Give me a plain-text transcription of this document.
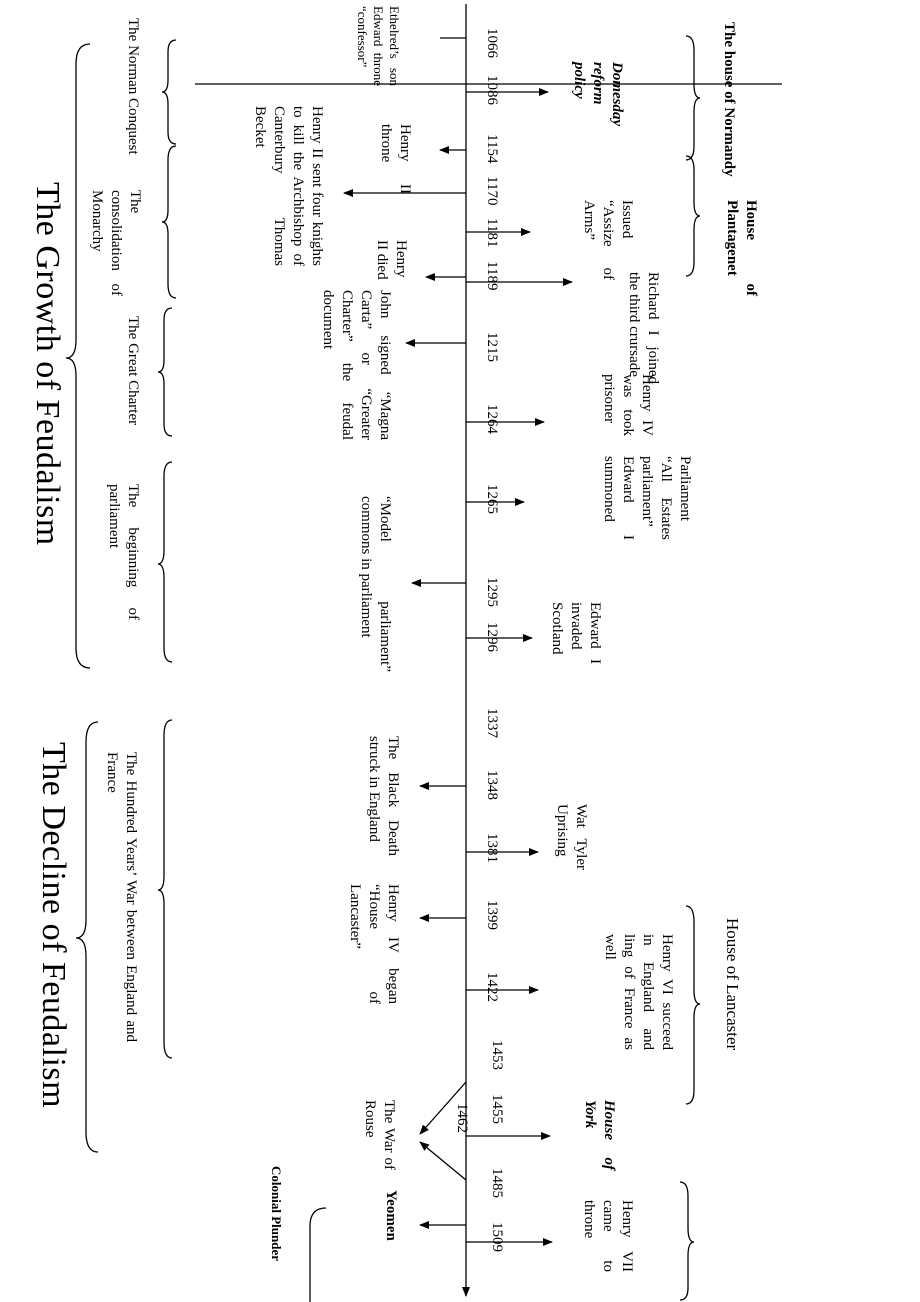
The Growth of Feudalism
The Decline of Feudalism
1066
1086
1154
1170
1181
1189
1215
1264
1265
1295
1296
1337
1348
1381
1399
1422
1453
1455
1485
1509
1462
The house of Normandy
House of Plantagenet
House of Lancaster
House of York
Yeomen
Colonial Plunder
Domesday reform policy
Issued “Assize of Arms”
Richard I joined the third crursade
Henry IV was took prisoner
Parliament “All Estates parliament” Edward I summoned
Edward I invaded Scotland
Wat Tyler Uprising
Henry VI succeed in England and ling of France as well
Henry VII came to throne
Ethelred’s son Edward throne “confessor”
Henry II throne
Henry II sent four knights to kill the Archbishop of Canterbury Thomas Becket
Henry II died
John signed “Magna Carta” or “Greater Charter” the feudal document
“Model parliament” commons in parliament
The Black Death struck in England
Henry IV began “House of Lancaster”
The War of Rouse
The Norman Conquest
The consolidation of Monarchy
The Great Charter
The beginning of parliament
The Hundred Years’ War between England and France
